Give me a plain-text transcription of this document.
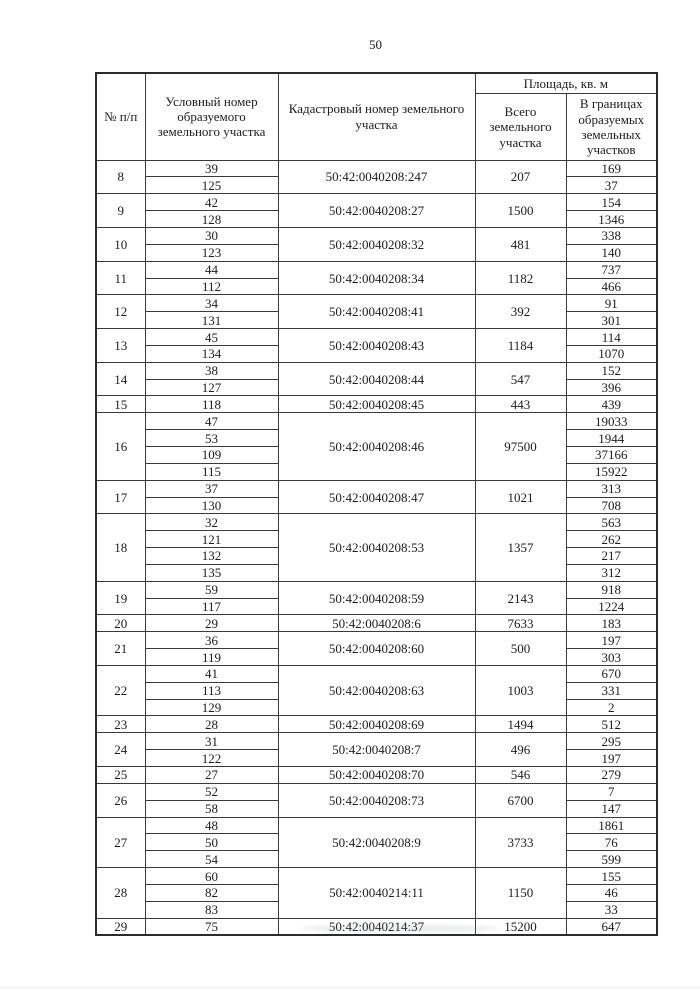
50
№ п/п	Условный номер образуемого земельного участка	Кадастровый номер земельного участка	Площадь, кв. м	
			Всего земельного участка	В границах образуемых земельных участков
8	39	50:42:0040208:247	207	169
	125			37
9	42	50:42:0040208:27	1500	154
	128			1346
10	30	50:42:0040208:32	481	338
	123			140
11	44	50:42:0040208:34	1182	737
	112			466
12	34	50:42:0040208:41	392	91
	131			301
13	45	50:42:0040208:43	1184	114
	134			1070
14	38	50:42:0040208:44	547	152
	127			396
15	118	50:42:0040208:45	443	439
16	47	50:42:0040208:46	97500	19033
	53			1944
	109			37166
	115			15922
17	37	50:42:0040208:47	1021	313
	130			708
18	32	50:42:0040208:53	1357	563
	121			262
	132			217
	135			312
19	59	50:42:0040208:59	2143	918
	117			1224
20	29	50:42:0040208:6	7633	183
21	36	50:42:0040208:60	500	197
	119			303
22	41	50:42:0040208:63	1003	670
	113			331
	129			2
23	28	50:42:0040208:69	1494	512
24	31	50:42:0040208:7	496	295
	122			197
25	27	50:42:0040208:70	546	279
26	52	50:42:0040208:73	6700	7
	58			147
27	48	50:42:0040208:9	3733	1861
	50			76
	54			599
28	60	50:42:0040214:11	1150	155
	82			46
	83			33
29	75	50:42:0040214:37	15200	647
